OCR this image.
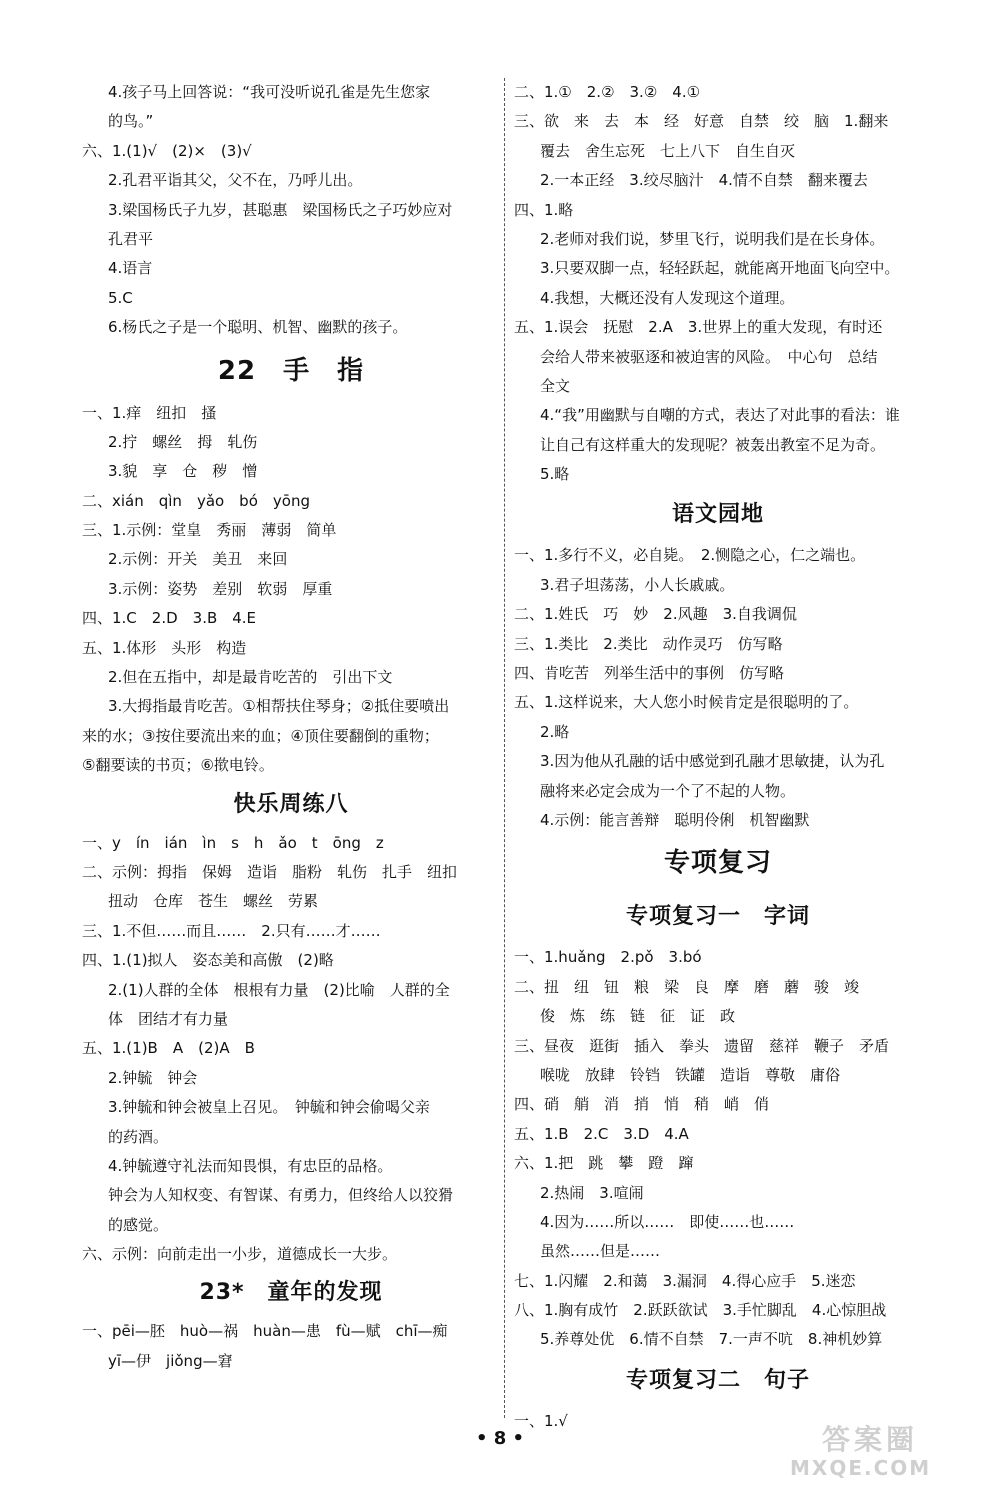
4.孩子马上回答说：“我可没听说孔雀是先生您家
的鸟。”
六、1.(1)√　(2)×　(3)√
2.孔君平诣其父，父不在，乃呼儿出。
3.梁国杨氏子九岁，甚聪惠　梁国杨氏之子巧妙应对
孔君平
4.语言
5.C
6.杨氏之子是一个聪明、机智、幽默的孩子。
22　手　指
一、1.痒　纽扣　搔
2.拧　螺丝　拇　轧伤
3.貌　享　仓　秽　憎
二、xián　qìn　yǎo　bó　yōng
三、1.示例：堂皇　秀丽　薄弱　简单
2.示例：开关　美丑　来回
3.示例：姿势　差别　软弱　厚重
四、1.C　2.D　3.B　4.E
五、1.体形　头形　构造
2.但在五指中，却是最肯吃苦的　引出下文
3.大拇指最肯吃苦。①相帮扶住琴身；②抵住要喷出
来的水；③按住要流出来的血；④顶住要翻倒的重物；
⑤翻要读的书页；⑥揿电铃。
快乐周练八
一、y　ín　ián　ìn　s　h　ǎo　t　ōng　z
二、示例：拇指　保姆　造诣　脂粉　轧伤　扎手　纽扣
扭动　仓库　苍生　螺丝　劳累
三、1.不但……而且……　2.只有……才……
四、1.(1)拟人　姿态美和高傲　(2)略
2.(1)人群的全体　根根有力量　(2)比喻　人群的全
体　团结才有力量
五、1.(1)B　A　(2)A　B
2.钟毓　钟会
3.钟毓和钟会被皇上召见。　钟毓和钟会偷喝父亲
的药酒。
4.钟毓遵守礼法而知畏惧，有忠臣的品格。
钟会为人知权变、有智谋、有勇力，但终给人以狡猾
的感觉。
六、示例：向前走出一小步，道德成长一大步。
23*　童年的发现
一、pēi—胚　huò—祸　huàn—患　fù—赋　chī—痴
yī—伊　jiǒng—窘
二、1.①　2.②　3.②　4.①
三、欲　来　去　本　经　好意　自禁　绞　脑　1.翻来
覆去　舍生忘死　七上八下　自生自灭
2.一本正经　3.绞尽脑汁　4.情不自禁　翻来覆去
四、1.略
2.老师对我们说，梦里飞行，说明我们是在长身体。
3.只要双脚一点，轻轻跃起，就能离开地面飞向空中。
4.我想，大概还没有人发现这个道理。
五、1.误会　抚慰　2.A　3.世界上的重大发现，有时还
会给人带来被驱逐和被迫害的风险。　中心句　总结
全文
4.“我”用幽默与自嘲的方式，表达了对此事的看法：谁
让自己有这样重大的发现呢？被轰出教室不足为奇。
5.略
语文园地
一、1.多行不义，必自毙。　2.恻隐之心，仁之端也。
3.君子坦荡荡，小人长戚戚。
二、1.姓氏　巧　妙　2.风趣　3.自我调侃
三、1.类比　2.类比　动作灵巧　仿写略
四、肯吃苦　列举生活中的事例　仿写略
五、1.这样说来，大人您小时候肯定是很聪明的了。
2.略
3.因为他从孔融的话中感觉到孔融才思敏捷，认为孔
融将来必定会成为一个了不起的人物。
4.示例：能言善辩　聪明伶俐　机智幽默
专项复习
专项复习一　字词
一、1.huǎng　2.pǒ　3.bó
二、扭　纽　钮　粮　梁　良　摩　磨　蘑　骏　竣
俊　炼　练　链　征　证　政
三、昼夜　逛街　插入　拳头　遗留　慈祥　鞭子　矛盾
喉咙　放肆　铃铛　铁罐　造诣　尊敬　庸俗
四、硝　艄　消　捎　悄　稍　峭　俏
五、1.B　2.C　3.D　4.A
六、1.把　跳　攀　蹬　蹿
2.热闹　3.喧闹
4.因为……所以……　即使……也……
虽然……但是……
七、1.闪耀　2.和蔼　3.漏洞　4.得心应手　5.迷恋
八、1.胸有成竹　2.跃跃欲试　3.手忙脚乱　4.心惊胆战
5.养尊处优　6.情不自禁　7.一声不吭　8.神机妙算
专项复习二　句子
一、1.√
• 8 •	答案圈
MXQE.COM
